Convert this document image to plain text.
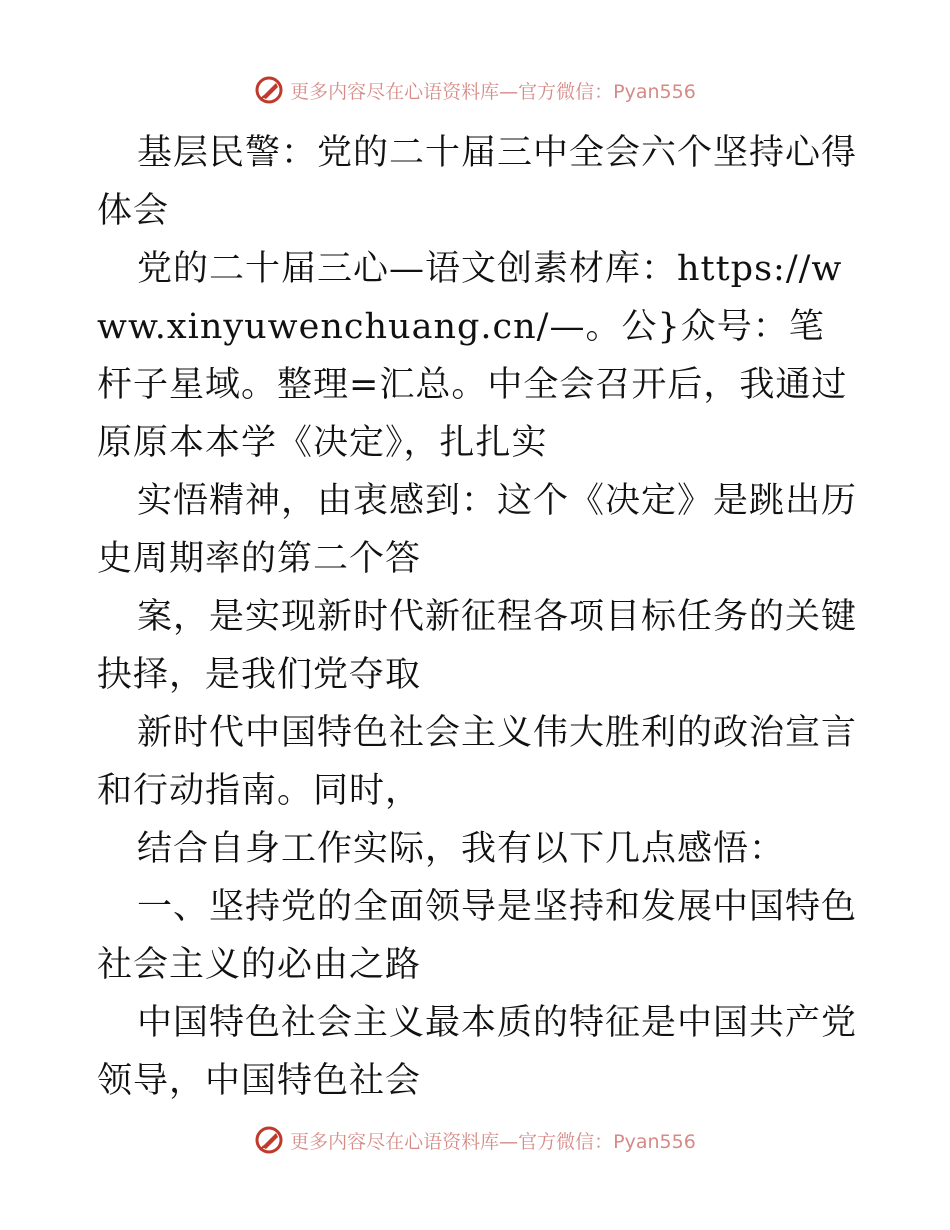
更多内容尽在心语资料库—官方微信：Pyan556

基层民警：党的二十届三中全会六个坚持心得体会

党的二十届三心—语文创素材库：https://www.xinyuwenchuang.cn/—。公}众号：笔杆子星域。整理=汇总。中全会召开后，我通过原原本本学《决定》，扎扎实

实悟精神，由衷感到：这个《决定》是跳出历史周期率的第二个答

案，是实现新时代新征程各项目标任务的关键抉择，是我们党夺取

新时代中国特色社会主义伟大胜利的政治宣言和行动指南。同时，

结合自身工作实际，我有以下几点感悟：

一、坚持党的全面领导是坚持和发展中国特色社会主义的必由之路

中国特色社会主义最本质的特征是中国共产党领导，中国特色社会

更多内容尽在心语资料库—官方微信：Pyan556
